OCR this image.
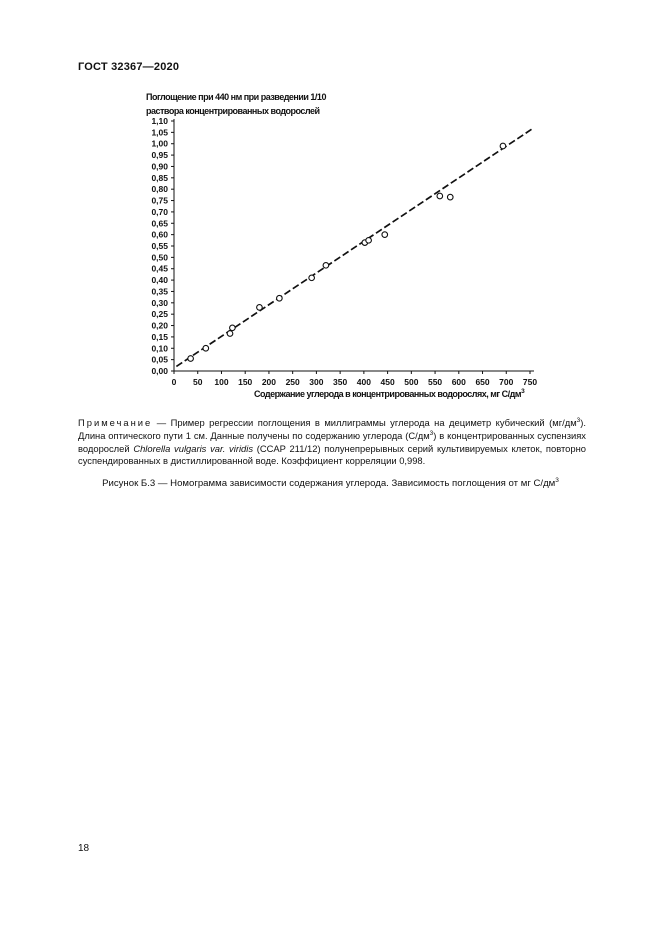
ГОСТ 32367—2020
Поглощение при 440 нм при разведении 1/10
раствора концентрированных водорослей
0,00
0,05
0,10
0,15
0,20
0,25
0,30
0,35
0,40
0,45
0,50
0,55
0,60
0,65
0,70
0,75
0,80
0,85
0,90
0,95
1,00
1,05
1,10
0 50 100 150 200 250 300 350 400 450 500 550 600 650 700 750
Содержание углерода в концентрированных водорослях, мг $С/дм^3$
Примечание — Пример регрессии поглощения в миллиграммы углерода на дециметр кубический $(мг/дм^3)$. Длина оптического пути 1 см. Данные получены по содержанию углерода $(С/дм^3)$ в концентрированных суспензиях водорослей Chlorella vulgaris var. viridis (CCAP 211/12) полунепрерывных серий культивируемых клеток, повторно суспендированных в дистиллированной воде. Коэффициент корреляции 0,998.
Рисунок Б.3 — Номограмма зависимости содержания углерода. Зависимость поглощения от мг $С/дм^3$
18
